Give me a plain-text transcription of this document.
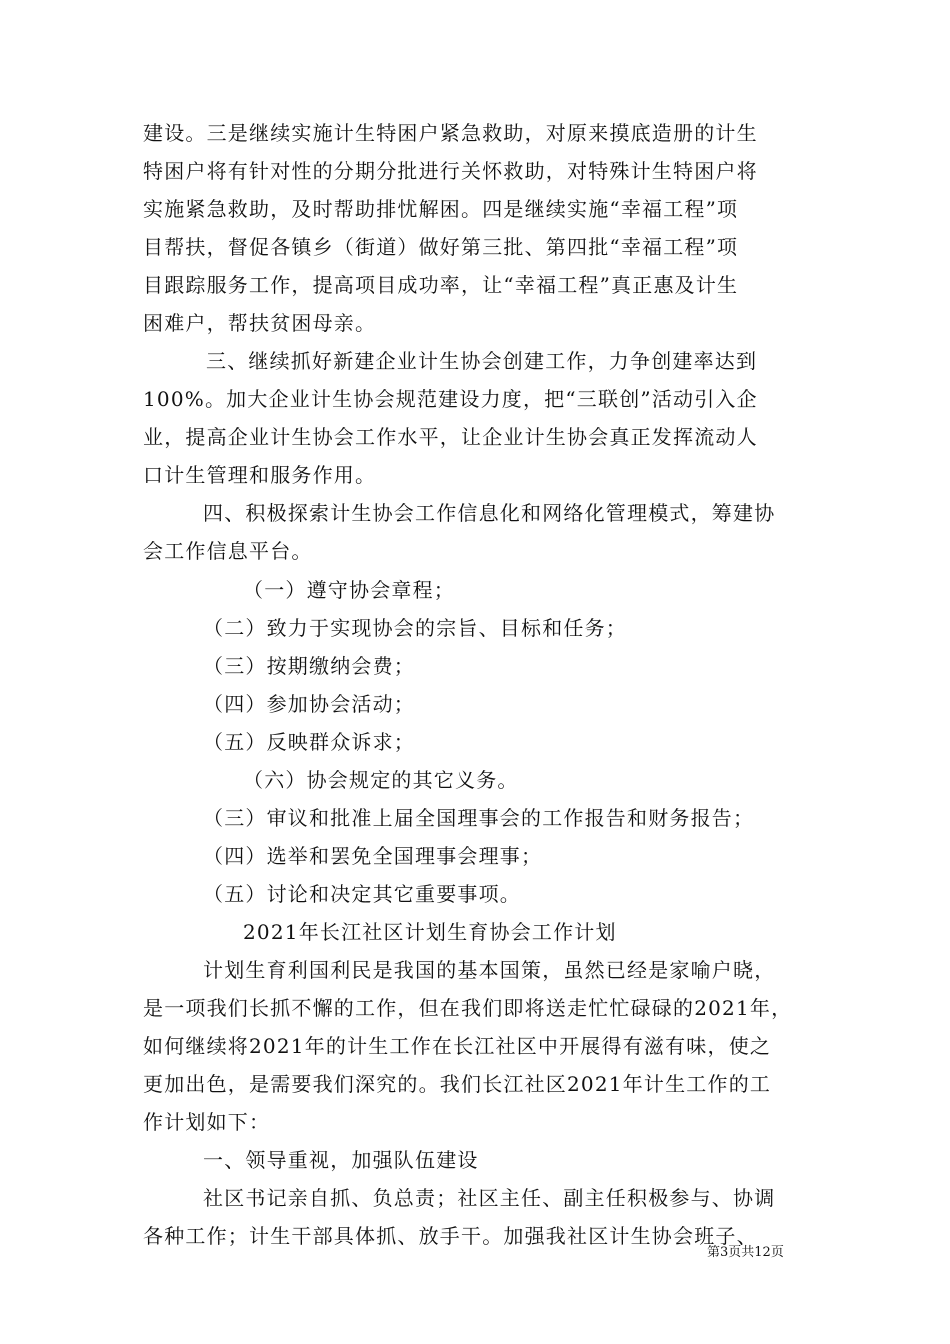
建设。三是继续实施计生特困户紧急救助，对原来摸底造册的计生
特困户将有针对性的分期分批进行关怀救助，对特殊计生特困户将
实施紧急救助，及时帮助排忧解困。四是继续实施“幸福工程”项
目帮扶，督促各镇乡（街道）做好第三批、第四批“幸福工程”项
目跟踪服务工作，提高项目成功率，让“幸福工程”真正惠及计生
困难户，帮扶贫困母亲。
三、继续抓好新建企业计生协会创建工作，力争创建率达到
100%。加大企业计生协会规范建设力度，把“三联创”活动引入企
业，提高企业计生协会工作水平，让企业计生协会真正发挥流动人
口计生管理和服务作用。
四、积极探索计生协会工作信息化和网络化管理模式，筹建协
会工作信息平台。
（一）遵守协会章程；
（二）致力于实现协会的宗旨、目标和任务；
（三）按期缴纳会费；
（四）参加协会活动；
（五）反映群众诉求；
（六）协会规定的其它义务。
（三）审议和批准上届全国理事会的工作报告和财务报告；
（四）选举和罢免全国理事会理事；
（五）讨论和决定其它重要事项。
2021年长江社区计划生育协会工作计划
计划生育利国利民是我国的基本国策，虽然已经是家喻户晓，
是一项我们长抓不懈的工作，但在我们即将送走忙忙碌碌的2021年，
如何继续将2021年的计生工作在长江社区中开展得有滋有味，使之
更加出色，是需要我们深究的。我们长江社区2021年计生工作的工
作计划如下：
一、领导重视，加强队伍建设
社区书记亲自抓、负总责；社区主任、副主任积极参与、协调
各种工作；计生干部具体抓、放手干。加强我社区计生协会班子、
第3页共12页
